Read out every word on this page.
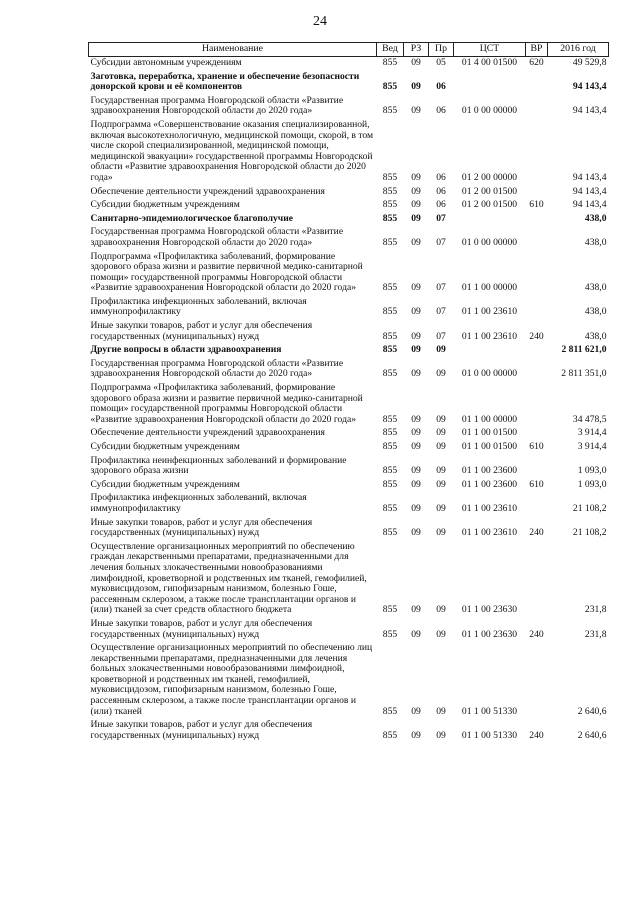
24
Наименование	Вед	РЗ	Пр	ЦСТ	ВР	2016 год
Субсидии автономным учреждениям	855	09	05	01 4 00 01500	620	49 529,8
Заготовка, переработка, хранение и обеспечение безопасности донорской крови и её компонентов	855	09	06			94 143,4
Государственная программа Новгородской области «Развитие здравоохранения Новгородской области до 2020 года»	855	09	06	01 0 00 00000		94 143,4
Подпрограмма «Совершенствование оказания специализированной, включая высокотехнологичную, медицинской помощи, скорой, в том числе скорой специализированной, медицинской помощи, медицинской эвакуации» государственной программы Новгородской области «Развитие здравоохранения Новгородской области до 2020 года»	855	09	06	01 2 00 00000		94 143,4
Обеспечение деятельности учреждений здравоохранения	855	09	06	01 2 00 01500		94 143,4
Субсидии бюджетным учреждениям	855	09	06	01 2 00 01500	610	94 143,4
Санитарно-эпидемиологическое благополучие	855	09	07			438,0
Государственная программа Новгородской области «Развитие здравоохранения Новгородской области до 2020 года»	855	09	07	01 0 00 00000		438,0
Подпрограмма «Профилактика заболеваний, формирование здорового образа жизни и развитие первичной медико-санитарной помощи» государственной программы Новгородской области «Развитие здравоохранения Новгородской области до 2020 года»	855	09	07	01 1 00 00000		438,0
Профилактика инфекционных заболеваний, включая иммунопрофилактику	855	09	07	01 1 00 23610		438,0
Иные закупки товаров, работ и услуг для обеспечения государственных (муниципальных) нужд	855	09	07	01 1 00 23610	240	438,0
Другие вопросы в области здравоохранения	855	09	09			2 811 621,0
Государственная программа Новгородской области «Развитие здравоохранения Новгородской области до 2020 года»	855	09	09	01 0 00 00000		2 811 351,0
Подпрограмма «Профилактика заболеваний, формирование здорового образа жизни и развитие первичной медико-санитарной помощи» государственной программы Новгородской области «Развитие здравоохранения Новгородской области до 2020 года»	855	09	09	01 1 00 00000		34 478,5
Обеспечение деятельности учреждений здравоохранения	855	09	09	01 1 00 01500		3 914,4
Субсидии бюджетным учреждениям	855	09	09	01 1 00 01500	610	3 914,4
Профилактика неинфекционных заболеваний и формирование здорового образа жизни	855	09	09	01 1 00 23600		1 093,0
Субсидии бюджетным учреждениям	855	09	09	01 1 00 23600	610	1 093,0
Профилактика инфекционных заболеваний, включая иммунопрофилактику	855	09	09	01 1 00 23610		21 108,2
Иные закупки товаров, работ и услуг для обеспечения государственных (муниципальных) нужд	855	09	09	01 1 00 23610	240	21 108,2
Осуществление организационных мероприятий по обеспечению граждан лекарственными препаратами, предназначенными для лечения больных злокачественными новообразованиями лимфоидной, кроветворной и родственных им тканей, гемофилией, муковисцидозом, гипофизарным нанизмом, болезнью Гоше, рассеянным склерозом, а также после трансплантации органов и (или) тканей за счет средств областного бюджета	855	09	09	01 1 00 23630		231,8
Иные закупки товаров, работ и услуг для обеспечения государственных (муниципальных) нужд	855	09	09	01 1 00 23630	240	231,8
Осуществление организационных мероприятий по обеспечению лиц лекарственными препаратами, предназначенными для лечения больных злокачественными новообразованиями лимфоидной, кроветворной и родственных им тканей, гемофилией, муковисцидозом, гипофизарным нанизмом, болезнью Гоше, рассеянным склерозом, а также после трансплантации органов и (или) тканей	855	09	09	01 1 00 51330		2 640,6
Иные закупки товаров, работ и услуг для обеспечения государственных (муниципальных) нужд	855	09	09	01 1 00 51330	240	2 640,6
